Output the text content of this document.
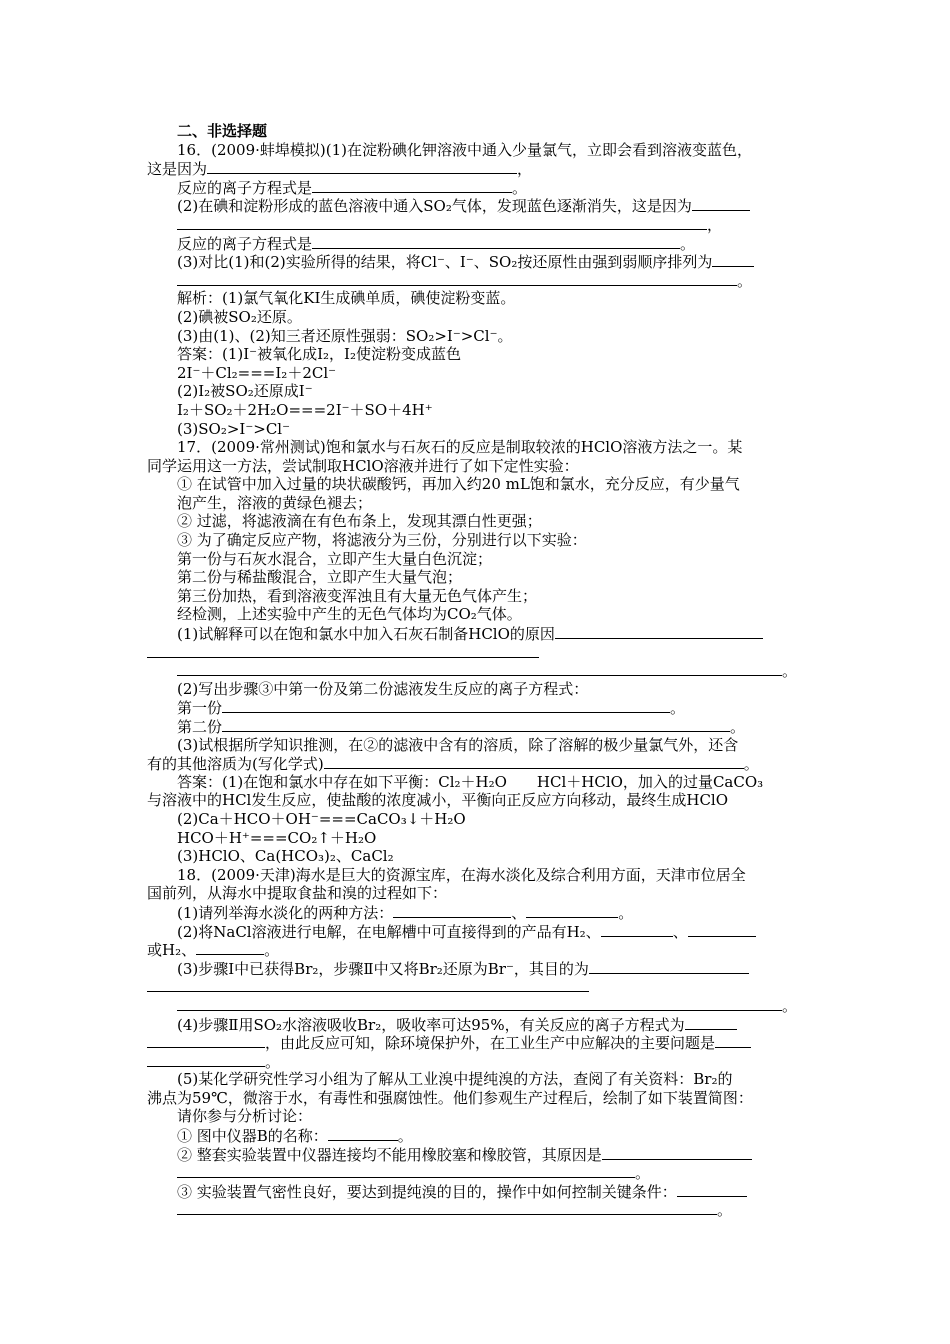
二、非选择题
16．(2009·蚌埠模拟)(1)在淀粉碘化钾溶液中通入少量氯气，立即会看到溶液变蓝色，
这是因为	，
反应的离子方程式是	。
(2)在碘和淀粉形成的蓝色溶液中通入SO₂气体，发现蓝色逐渐消失，这是因为
，
反应的离子方程式是	。
(3)对比(1)和(2)实验所得的结果，将Cl⁻、I⁻、SO₂按还原性由强到弱顺序排列为
。
解析：(1)氯气氧化KI生成碘单质，碘使淀粉变蓝。
(2)碘被SO₂还原。
(3)由(1)、(2)知三者还原性强弱：SO₂>I⁻>Cl⁻。
答案：(1)I⁻被氧化成I₂，I₂使淀粉变成蓝色
2I⁻＋Cl₂===I₂＋2Cl⁻
(2)I₂被SO₂还原成I⁻
I₂＋SO₂＋2H₂O===2I⁻＋SO＋4H⁺
(3)SO₂>I⁻>Cl⁻
17．(2009·常州测试)饱和氯水与石灰石的反应是制取较浓的HClO溶液方法之一。某
同学运用这一方法，尝试制取HClO溶液并进行了如下定性实验：
① 在试管中加入过量的块状碳酸钙，再加入约20 mL饱和氯水，充分反应，有少量气
泡产生，溶液的黄绿色褪去；
② 过滤，将滤液滴在有色布条上，发现其漂白性更强；
③ 为了确定反应产物，将滤液分为三份，分别进行以下实验：
第一份与石灰水混合，立即产生大量白色沉淀；
第二份与稀盐酸混合，立即产生大量气泡；
第三份加热，看到溶液变浑浊且有大量无色气体产生；
经检测，上述实验中产生的无色气体均为CO₂气体。
(1)试解释可以在饱和氯水中加入石灰石制备HClO的原因
。
(2)写出步骤③中第一份及第二份滤液发生反应的离子方程式：
第一份	。
第二份	。
(3)试根据所学知识推测，在②的滤液中含有的溶质，除了溶解的极少量氯气外，还含
有的其他溶质为(写化学式)	。
答案：(1)在饱和氯水中存在如下平衡：Cl₂＋H₂O　　HCl＋HClO，加入的过量CaCO₃
与溶液中的HCl发生反应，使盐酸的浓度减小，平衡向正反应方向移动，最终生成HClO
(2)Ca＋HCO＋OH⁻===CaCO₃↓＋H₂O
HCO＋H⁺===CO₂↑＋H₂O
(3)HClO、Ca(HCO₃)₂、CaCl₂
18．(2009·天津)海水是巨大的资源宝库，在海水淡化及综合利用方面，天津市位居全
国前列，从海水中提取食盐和溴的过程如下：
(1)请列举海水淡化的两种方法：	、	。
(2)将NaCl溶液进行电解，在电解槽中可直接得到的产品有H₂、	、
或H₂、	。
(3)步骤Ⅰ中已获得Br₂，步骤Ⅱ中又将Br₂还原为Br⁻，其目的为
。
(4)步骤Ⅱ用SO₂水溶液吸收Br₂，吸收率可达95%，有关反应的离子方程式为
，由此反应可知，除环境保护外，在工业生产中应解决的主要问题是
。
(5)某化学研究性学习小组为了解从工业溴中提纯溴的方法，查阅了有关资料：Br₂的
沸点为59℃，微溶于水，有毒性和强腐蚀性。他们参观生产过程后，绘制了如下装置简图：
请你参与分析讨论：
① 图中仪器B的名称：	。
② 整套实验装置中仪器连接均不能用橡胶塞和橡胶管，其原因是
。
③ 实验装置气密性良好，要达到提纯溴的目的，操作中如何控制关键条件：
。
